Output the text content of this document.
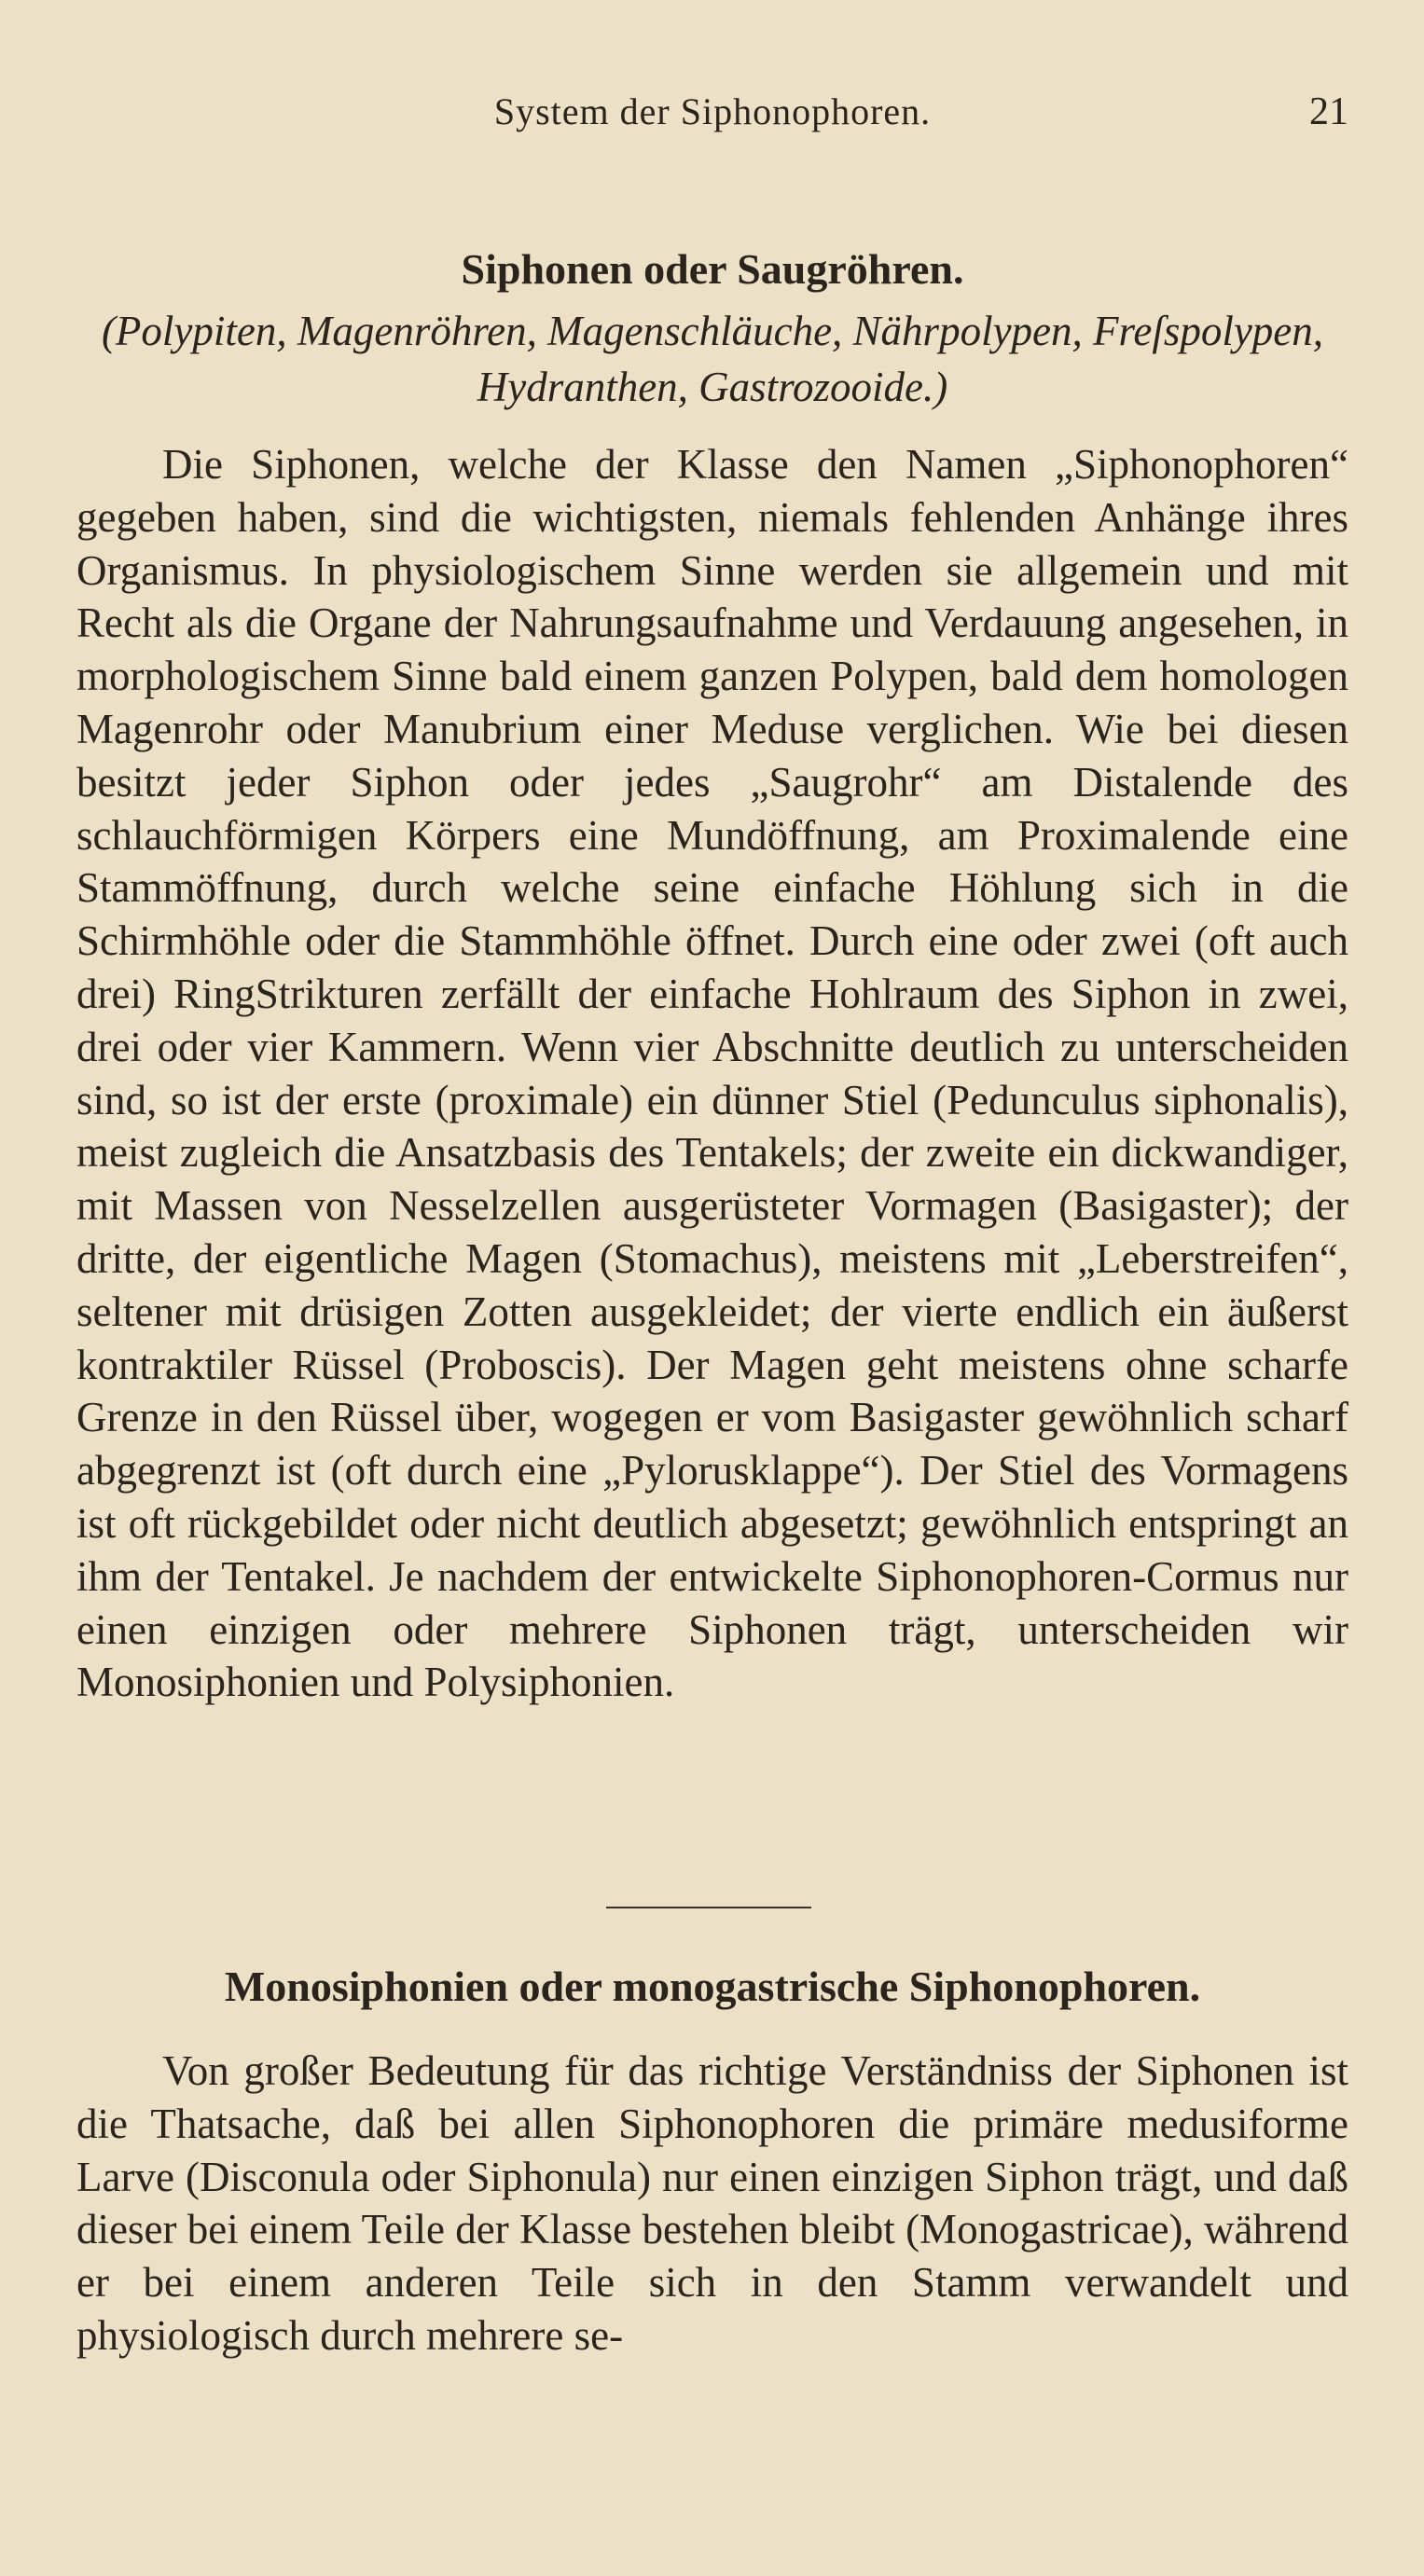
System der Siphonophoren.	21
Siphonen oder Saugröhren.

(Polypiten, Magenröhren, Magenschläuche, Nährpolypen, Freſspolypen, Hydranthen, Gastrozooide.)

Die Siphonen, welche der Klasse den Namen „Siphonophoren“ gegeben haben, sind die wichtigsten, niemals fehlenden Anhänge ihres Organismus. In physiologischem Sinne werden sie allgemein und mit Recht als die Organe der Nahrungsaufnahme und Verdauung angesehen, in morphologischem Sinne bald einem ganzen Polypen, bald dem homologen Magenrohr oder Manubrium einer Meduse verglichen. Wie bei diesen besitzt jeder Siphon oder jedes „Saugrohr“ am Distalende des schlauchförmigen Körpers eine Mundöffnung, am Proximalende eine Stammöffnung, durch welche seine einfache Höhlung sich in die Schirmhöhle oder die Stammhöhle öffnet. Durch eine oder zwei (oft auch drei) RingStrikturen zerfällt der einfache Hohlraum des Siphon in zwei, drei oder vier Kammern. Wenn vier Abschnitte deutlich zu unterscheiden sind, so ist der erste (proximale) ein dünner Stiel (Pedunculus siphonalis), meist zugleich die Ansatzbasis des Tentakels; der zweite ein dickwandiger, mit Massen von Nesselzellen ausgerüsteter Vormagen (Basigaster); der dritte, der eigentliche Magen (Stomachus), meistens mit „Leberstreifen“, seltener mit drüsigen Zotten ausgekleidet; der vierte endlich ein äußerst kontraktiler Rüssel (Proboscis). Der Magen geht meistens ohne scharfe Grenze in den Rüssel über, wogegen er vom Basigaster gewöhnlich scharf abgegrenzt ist (oft durch eine „Pylorusklappe“). Der Stiel des Vormagens ist oft rückgebildet oder nicht deutlich abgesetzt; gewöhnlich entspringt an ihm der Tentakel. Je nachdem der entwickelte Siphonophoren-Cormus nur einen einzigen oder mehrere Siphonen trägt, unterscheiden wir Monosiphonien und Polysiphonien.

Monosiphonien oder monogastrische Siphonophoren.

Von großer Bedeutung für das richtige Verständniss der Siphonen ist die Thatsache, daß bei allen Siphonophoren die primäre medusiforme Larve (Disconula oder Siphonula) nur einen einzigen Siphon trägt, und daß dieser bei einem Teile der Klasse bestehen bleibt (Monogastricae), während er bei einem anderen Teile sich in den Stamm verwandelt und physiologisch durch mehrere se-
